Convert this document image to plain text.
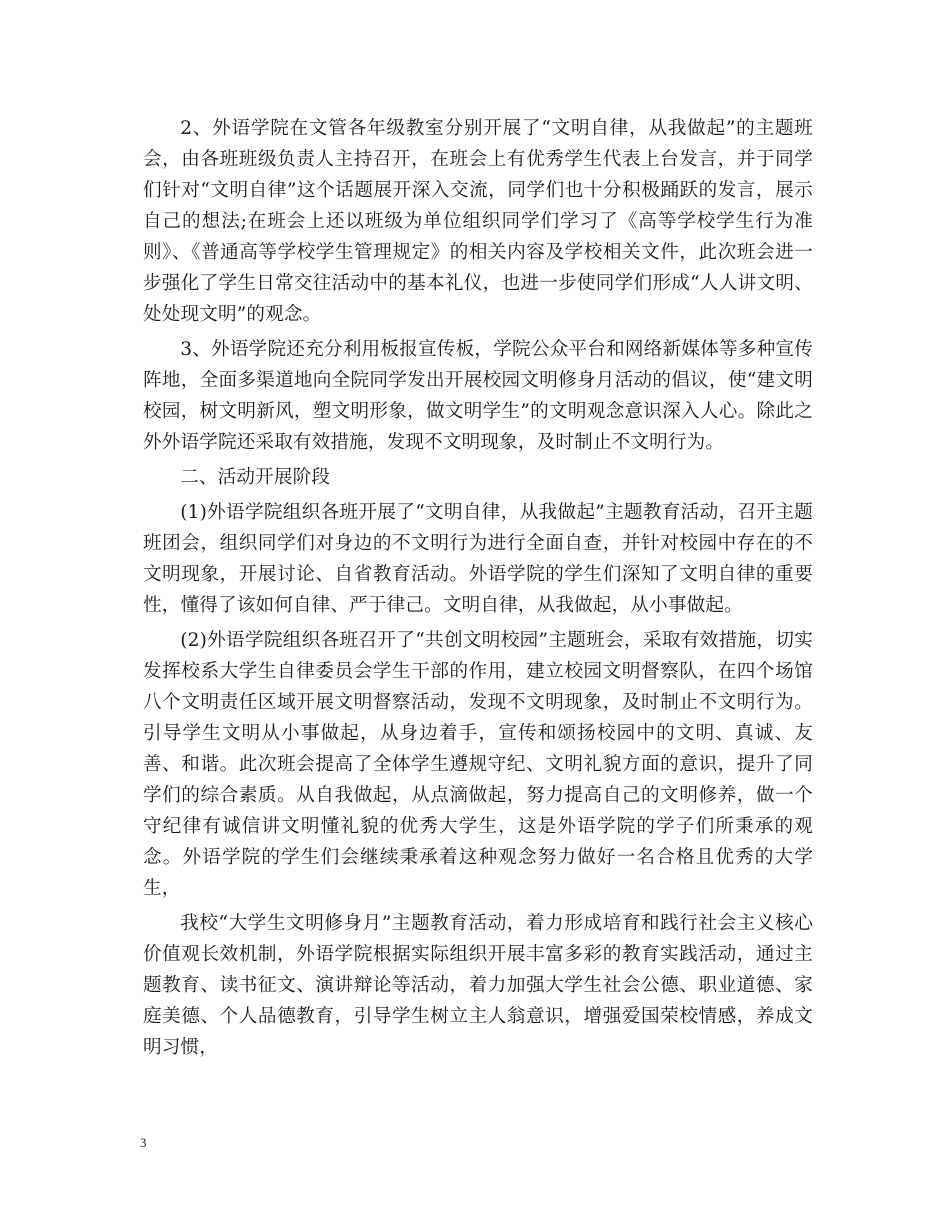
2、外语学院在文管各年级教室分别开展了“文明自律，从我做起”的主题班会，由各班班级负责人主持召开，在班会上有优秀学生代表上台发言，并于同学们针对“文明自律”这个话题展开深入交流，同学们也十分积极踊跃的发言，展示自己的想法;在班会上还以班级为单位组织同学们学习了《高等学校学生行为准则》、《普通高等学校学生管理规定》的相关内容及学校相关文件，此次班会进一步强化了学生日常交往活动中的基本礼仪，也进一步使同学们形成“人人讲文明、处处现文明”的观念。

3、外语学院还充分利用板报宣传板，学院公众平台和网络新媒体等多种宣传阵地，全面多渠道地向全院同学发出开展校园文明修身月活动的倡议，使“建文明校园，树文明新风，塑文明形象，做文明学生”的文明观念意识深入人心。除此之外外语学院还采取有效措施，发现不文明现象，及时制止不文明行为。

二、活动开展阶段

(1)外语学院组织各班开展了“文明自律，从我做起”主题教育活动，召开主题班团会，组织同学们对身边的不文明行为进行全面自查，并针对校园中存在的不文明现象，开展讨论、自省教育活动。外语学院的学生们深知了文明自律的重要性，懂得了该如何自律、严于律己。文明自律，从我做起，从小事做起。

(2)外语学院组织各班召开了“共创文明校园”主题班会，采取有效措施，切实发挥校系大学生自律委员会学生干部的作用，建立校园文明督察队，在四个场馆八个文明责任区域开展文明督察活动，发现不文明现象，及时制止不文明行为。引导学生文明从小事做起，从身边着手，宣传和颂扬校园中的文明、真诚、友善、和谐。此次班会提高了全体学生遵规守纪、文明礼貌方面的意识，提升了同学们的综合素质。从自我做起，从点滴做起，努力提高自己的文明修养，做一个守纪律有诚信讲文明懂礼貌的优秀大学生，这是外语学院的学子们所秉承的观念。外语学院的学生们会继续秉承着这种观念努力做好一名合格且优秀的大学生，

我校“大学生文明修身月”主题教育活动，着力形成培育和践行社会主义核心价值观长效机制，外语学院根据实际组织开展丰富多彩的教育实践活动，通过主题教育、读书征文、演讲辩论等活动，着力加强大学生社会公德、职业道德、家庭美德、个人品德教育，引导学生树立主人翁意识，增强爱国荣校情感，养成文明习惯，

3
